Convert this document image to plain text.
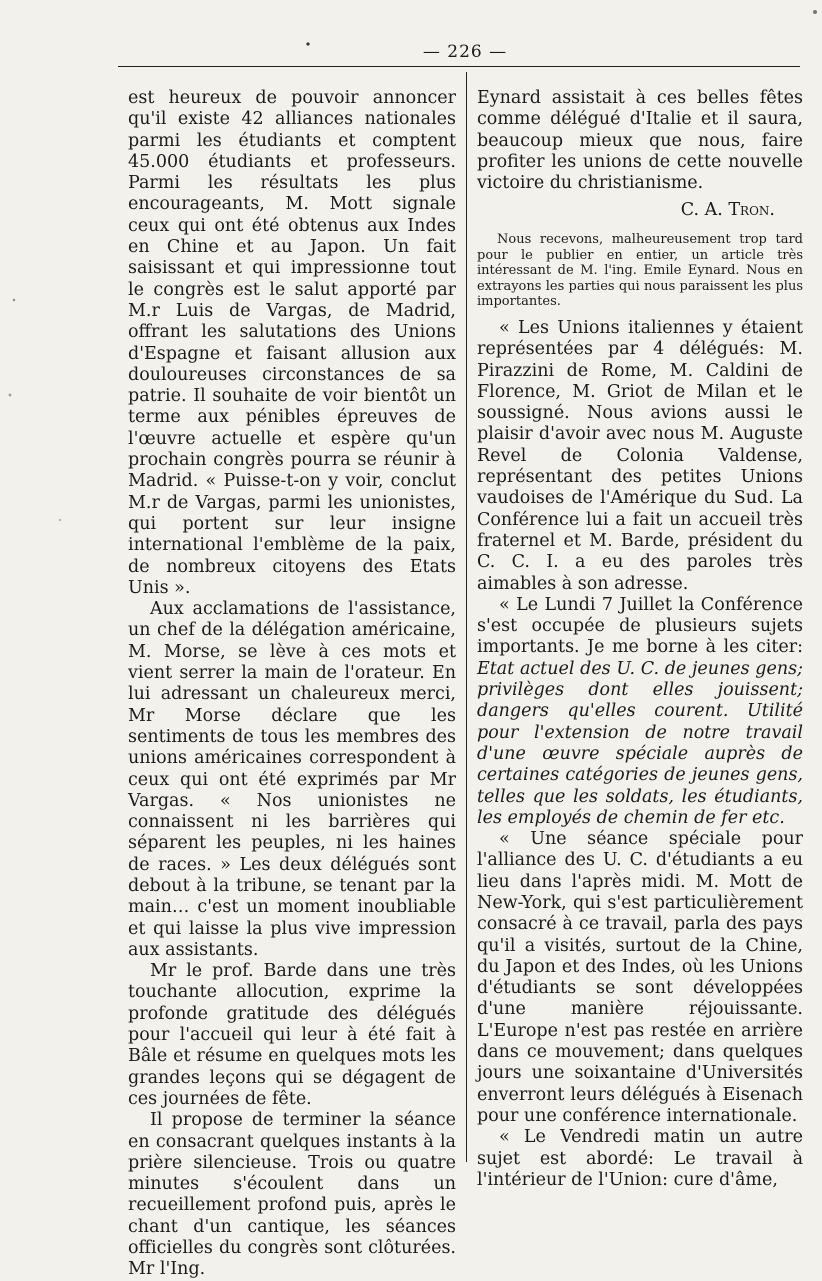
— 226 —

est heureux de pouvoir annoncer qu'il existe 42 alliances nationales parmi les étudiants et comptent 45.000 étudiants et professeurs. Parmi les résultats les plus encourageants, M. Mott signale ceux qui ont été obtenus aux Indes en Chine et au Japon. Un fait saisissant et qui impressionne tout le congrès est le salut apporté par M.r Luis de Vargas, de Madrid, offrant les salutations des Unions d'Espagne et faisant allusion aux douloureuses circonstances de sa patrie. Il souhaite de voir bientôt un terme aux pénibles épreuves de l'œuvre actuelle et espère qu'un prochain congrès pourra se réunir à Madrid. « Puisse-t-on y voir, conclut M.r de Vargas, parmi les unionistes, qui portent sur leur insigne international l'emblème de la paix, de nombreux citoyens des Etats Unis ».

Aux acclamations de l'assistance, un chef de la délégation américaine, M. Morse, se lève à ces mots et vient serrer la main de l'orateur. En lui adressant un chaleureux merci, Mr Morse déclare que les sentiments de tous les membres des unions américaines correspondent à ceux qui ont été exprimés par Mr Vargas. « Nos unionistes ne connaissent ni les barrières qui séparent les peuples, ni les haines de races. » Les deux délégués sont debout à la tribune, se tenant par la main… c'est un moment inoubliable et qui laisse la plus vive impression aux assistants.

Mr le prof. Barde dans une très touchante allocution, exprime la profonde gratitude des délégués pour l'accueil qui leur à été fait à Bâle et résume en quelques mots les grandes leçons qui se dégagent de ces journées de fête.

Il propose de terminer la séance en consacrant quelques instants à la prière silencieuse. Trois ou quatre minutes s'écoulent dans un recueillement profond puis, après le chant d'un cantique, les séances officielles du congrès sont clôturées. Mr l'Ing.

Eynard assistait à ces belles fêtes comme délégué d'Italie et il saura, beaucoup mieux que nous, faire profiter les unions de cette nouvelle victoire du christianisme.

C. A. Tron.

Nous recevons, malheureusement trop tard pour le publier en entier, un article très intéressant de M. l'ing. Emile Eynard. Nous en extrayons les parties qui nous paraissent les plus importantes.

« Les Unions italiennes y étaient représentées par 4 délégués: M. Pirazzini de Rome, M. Caldini de Florence, M. Griot de Milan et le soussigné. Nous avions aussi le plaisir d'avoir avec nous M. Auguste Revel de Colonia Valdense, représentant des petites Unions vaudoises de l'Amérique du Sud. La Conférence lui a fait un accueil très fraternel et M. Barde, président du C. C. I. a eu des paroles très aimables à son adresse.

« Le Lundi 7 Juillet la Conférence s'est occupée de plusieurs sujets importants. Je me borne à les citer: Etat actuel des U. C. de jeunes gens; privilèges dont elles jouissent; dangers qu'elles courent. Utilité pour l'extension de notre travail d'une œuvre spéciale auprès de certaines catégories de jeunes gens, telles que les soldats, les étudiants, les employés de chemin de fer etc.

« Une séance spéciale pour l'alliance des U. C. d'étudiants a eu lieu dans l'après midi. M. Mott de New-York, qui s'est particulièrement consacré à ce travail, parla des pays qu'il a visités, surtout de la Chine, du Japon et des Indes, où les Unions d'étudiants se sont développées d'une manière réjouissante. L'Europe n'est pas restée en arrière dans ce mouvement; dans quelques jours une soixantaine d'Universités enverront leurs délégués à Eisenach pour une conférence internationale.

« Le Vendredi matin un autre sujet est abordé: Le travail à l'intérieur de l'Union: cure d'âme,
